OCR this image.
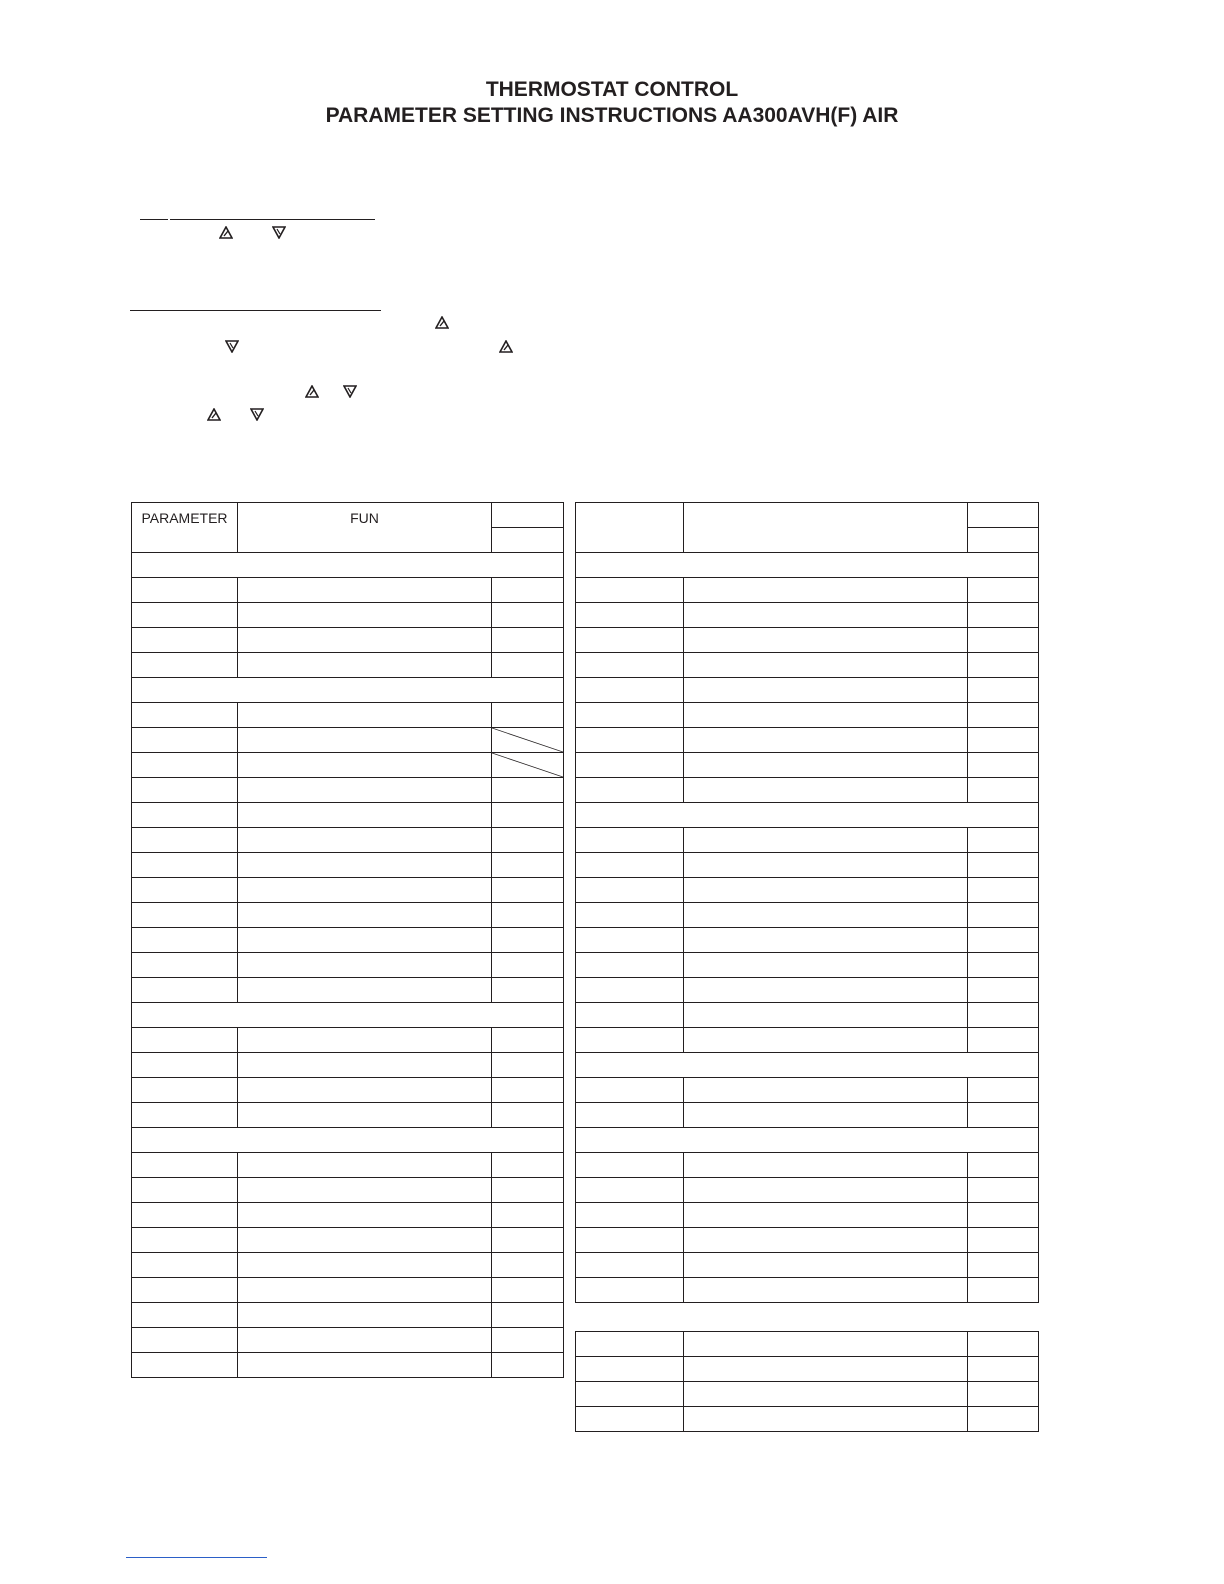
THERMOSTAT CONTROL
PARAMETER SETTING INSTRUCTIONS AA300AVH(F) AIR
PARAMETER	FUN	
